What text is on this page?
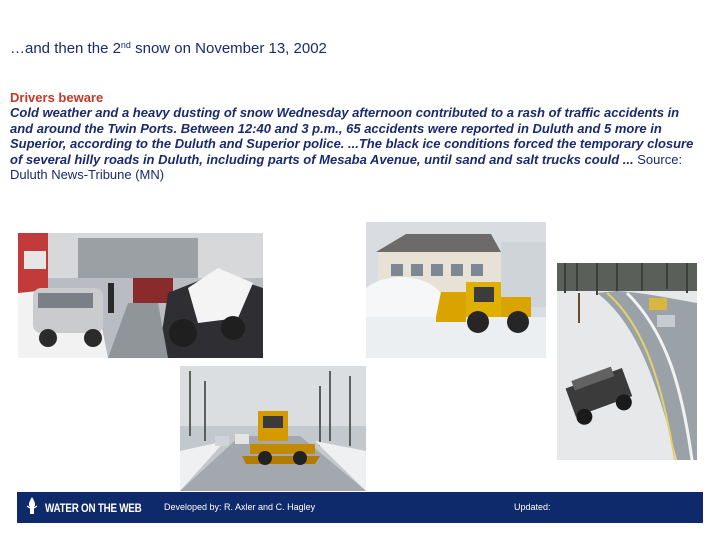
…and then the 2nd snow on November 13, 2002
Drivers beware
Cold weather and a heavy dusting of snow Wednesday afternoon contributed to a rash of traffic accidents in and around the Twin Ports. Between 12:40 and 3 p.m., 65 accidents were reported in Duluth and 5 more in Superior, according to the Duluth and Superior police. ...The black ice conditions forced the temporary closure of several hilly roads in Duluth, including parts of Mesaba Avenue, until sand and salt trucks could ... Source:
Duluth News-Tribune (MN)
WATER ON THE WEB	Developed by: R. Axler and C. Hagley	Updated:
